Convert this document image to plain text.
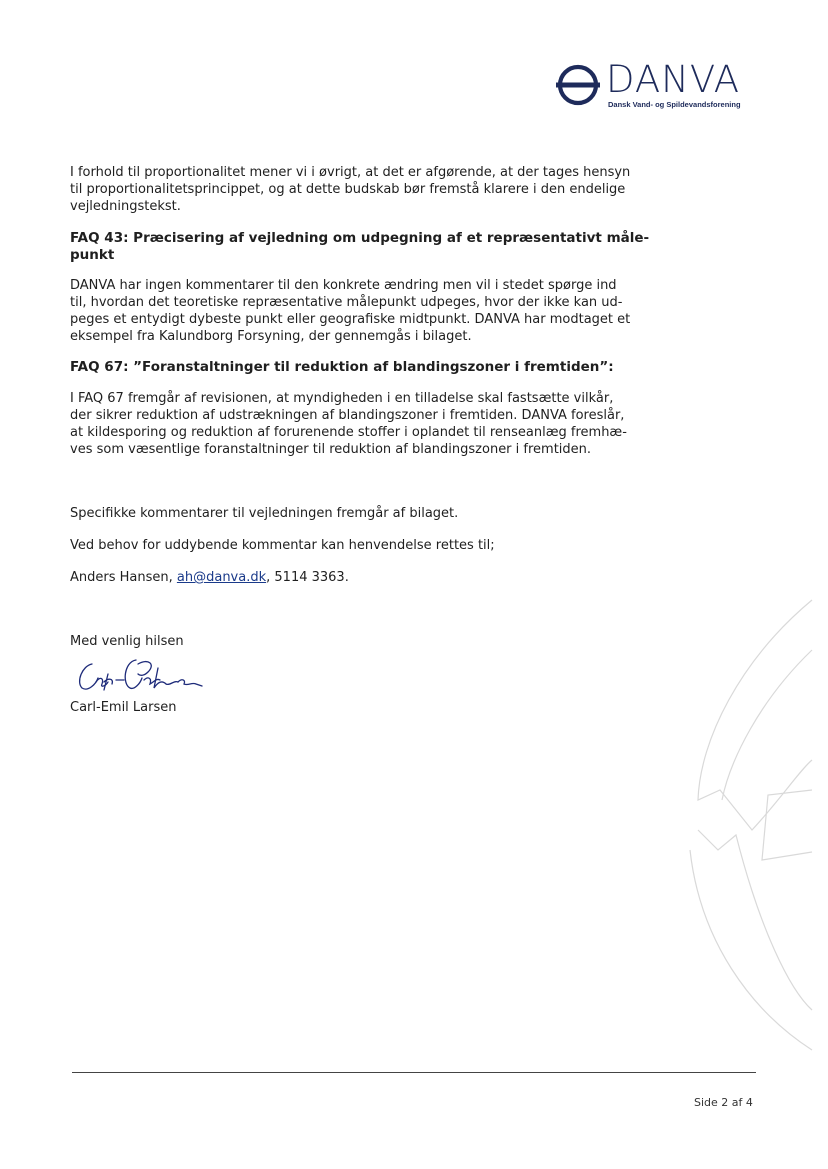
DANVA
Dansk Vand- og Spildevandsforening

I forhold til proportionalitet mener vi i øvrigt, at det er afgørende, at der tages hensyn

til proportionalitetsprincippet, og at dette budskab bør fremstå klarere i den endelige

vejledningstekst.

FAQ 43: Præcisering af vejledning om udpegning af et repræsentativt måle-

punkt

DANVA har ingen kommentarer til den konkrete ændring men vil i stedet spørge ind

til, hvordan det teoretiske repræsentative målepunkt udpeges, hvor der ikke kan ud-

peges et entydigt dybeste punkt eller geografiske midtpunkt. DANVA har modtaget et

eksempel fra Kalundborg Forsyning, der gennemgås i bilaget.

FAQ 67: ”Foranstaltninger til reduktion af blandingszoner i fremtiden”:

I FAQ 67 fremgår af revisionen, at myndigheden i en tilladelse skal fastsætte vilkår,

der sikrer reduktion af udstrækningen af blandingszoner i fremtiden. DANVA foreslår,

at kildesporing og reduktion af forurenende stoffer i oplandet til renseanlæg fremhæ-

ves som væsentlige foranstaltninger til reduktion af blandingszoner i fremtiden.

Specifikke kommentarer til vejledningen fremgår af bilaget.

Ved behov for uddybende kommentar kan henvendelse rettes til;

Anders Hansen, ah@danva.dk, 5114 3363.

Med venlig hilsen

Carl-Emil Larsen

Side 2 af 4
